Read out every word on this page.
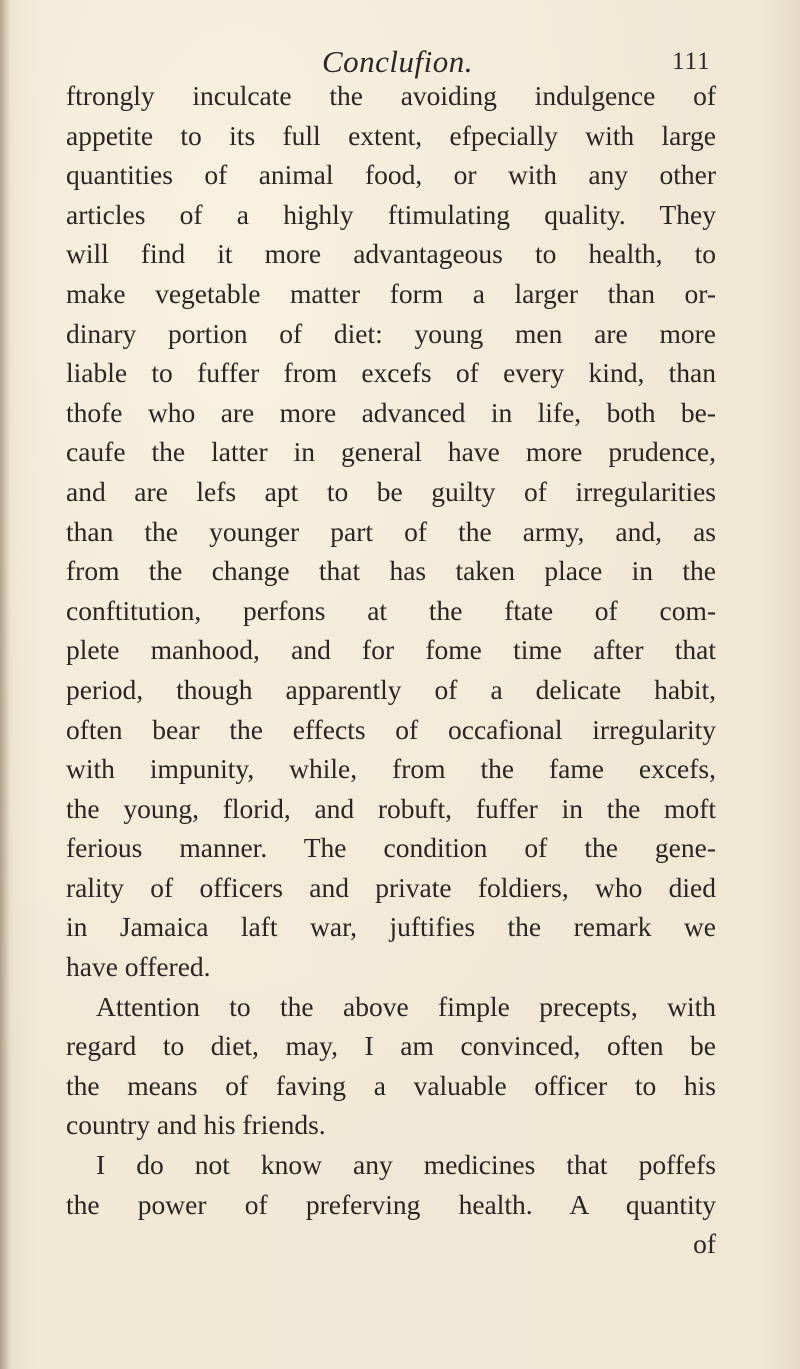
Conclufion.	111
ftrongly inculcate the avoiding indulgence of
appetite to its full extent, efpecially with large
quantities of animal food, or with any other
articles of a highly ftimulating quality. They
will find it more advantageous to health, to
make vegetable matter form a larger than or-
dinary portion of diet: young men are more
liable to fuffer from excefs of every kind, than
thofe who are more advanced in life, both be-
caufe the latter in general have more prudence,
and are lefs apt to be guilty of irregularities
than the younger part of the army, and, as
from the change that has taken place in the
conftitution, perfons at the ftate of com-
plete manhood, and for fome time after that
period, though apparently of a delicate habit,
often bear the effects of occafional irregularity
with impunity, while, from the fame excefs,
the young, florid, and robuft, fuffer in the moft
ferious manner. The condition of the gene-
rality of officers and private foldiers, who died
in Jamaica laft war, juftifies the remark we
have offered.
Attention to the above fimple precepts, with
regard to diet, may, I am convinced, often be
the means of faving a valuable officer to his
country and his friends.
I do not know any medicines that poffefs
the power of preferving health. A quantity
of
